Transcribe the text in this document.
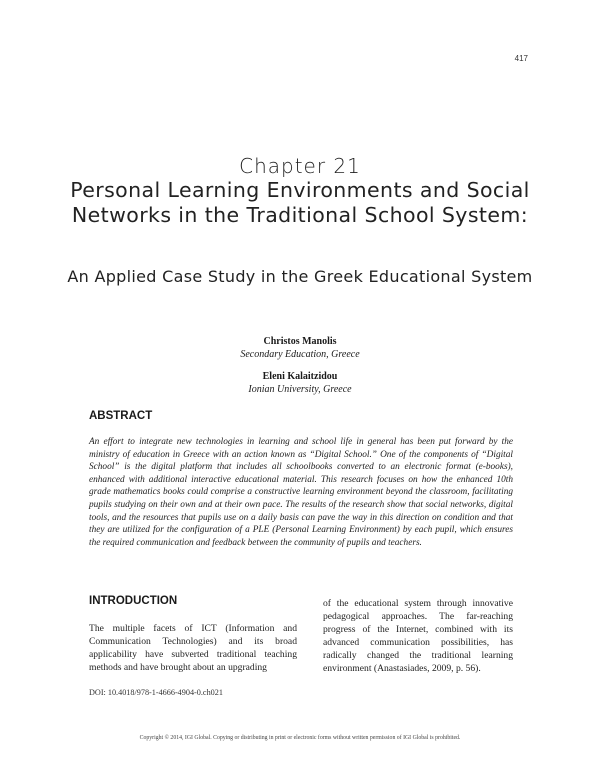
417
Chapter 21
Personal Learning Environments and Social Networks in the Traditional School System:
An Applied Case Study in the Greek Educational System
Christos Manolis
Secondary Education, Greece
Eleni Kalaitzidou
Ionian University, Greece
ABSTRACT
An effort to integrate new technologies in learning and school life in general has been put forward by the ministry of education in Greece with an action known as “Digital School.” One of the components of “Digital School” is the digital platform that includes all schoolbooks converted to an electronic format (e-books), enhanced with additional interactive educational material. This research focuses on how the enhanced 10th grade mathematics books could comprise a constructive learning environment beyond the classroom, facilitating pupils studying on their own and at their own pace. The results of the research show that social networks, digital tools, and the resources that pupils use on a daily basis can pave the way in this direction on condition and that they are utilized for the configuration of a PLE (Personal Learning Environment) by each pupil, which ensures the required communication and feedback between the community of pupils and teachers.
INTRODUCTION
The multiple facets of ICT (Information and Communication Technologies) and its broad applicability have subverted traditional teaching methods and have brought about an upgrading
of the educational system through innovative pedagogical approaches. The far-reaching progress of the Internet, combined with its advanced communication possibilities, has radically changed the traditional learning environment (Anastasiades, 2009, p. 56).
DOI: 10.4018/978-1-4666-4904-0.ch021
Copyright © 2014, IGI Global. Copying or distributing in print or electronic forms without written permission of IGI Global is prohibited.
